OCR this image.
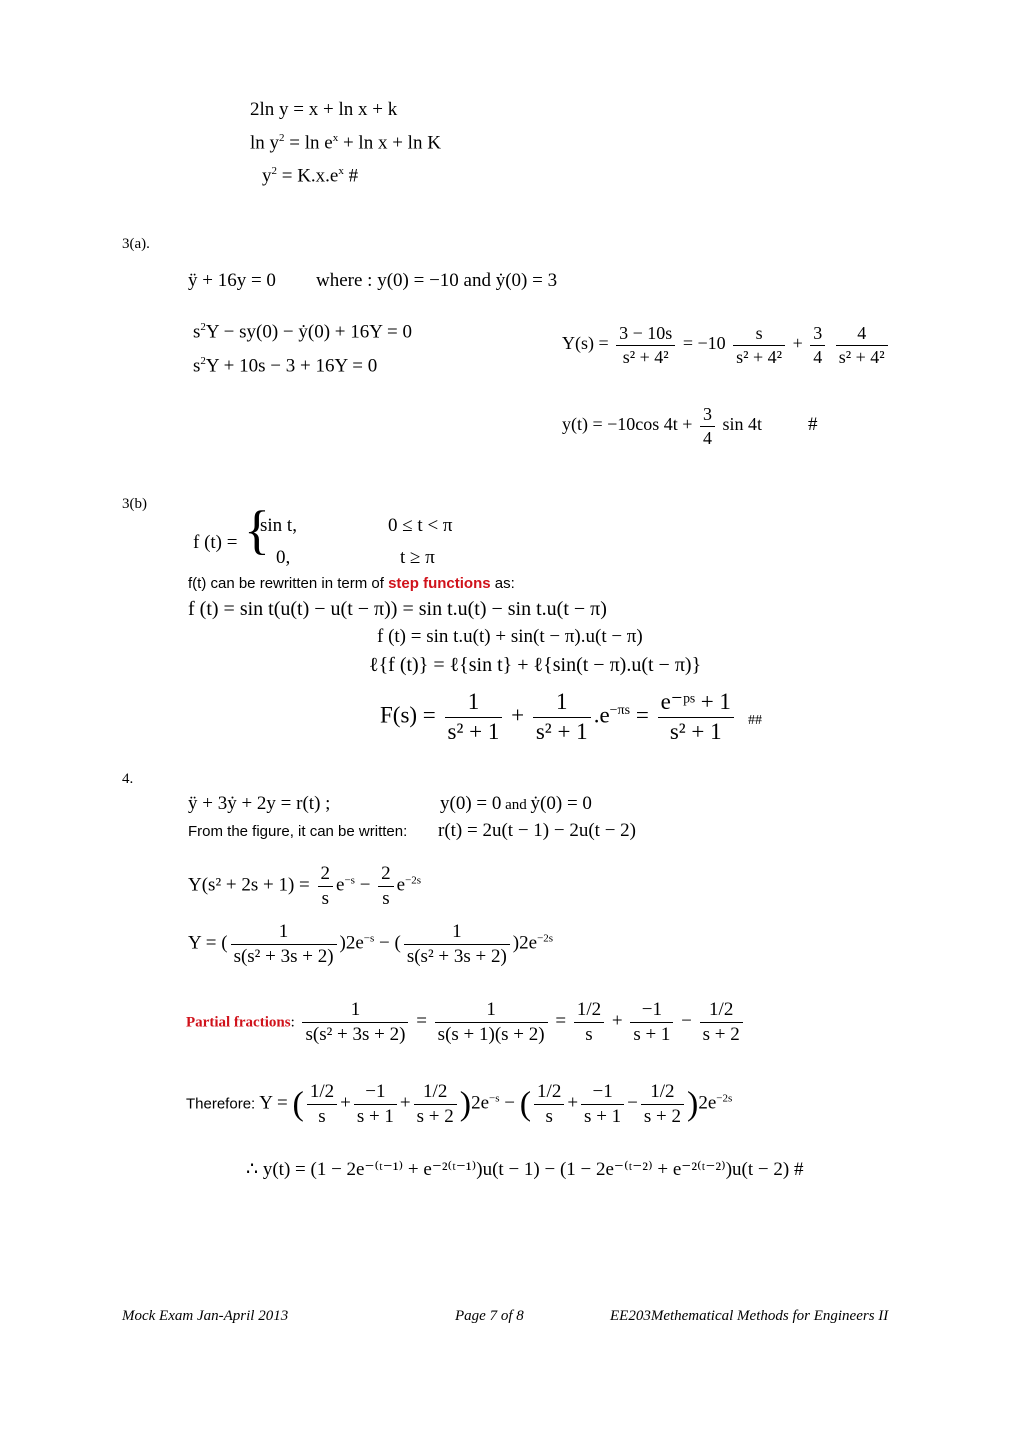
2ln y = x + ln x + k
$\ln y^2 = \ln e^x + \ln x + \ln K$
$y^2 = K.x.e^x$ #
3(a).
ÿ + 16y = 0 where : y(0) = −10 and ẏ(0) = 3
$s^2Y - sy(0)$ − ẏ(0) + 16Y = 0
$s^2Y + 10s - 3 + 16Y = 0$
$Y(s) = \frac{3 - 10s}{\text{s² + 4²}} = -10 \frac{s}{\text{s² + 4²}} + \frac{3}{4}$
$\frac{4}{\text{s² + 4²}}$
y(t) = −10cos $4t + \frac{3}{4}$ sin 4t #
3(b)
f (t) = {
sin t,	0 ≤ t < π
0,	t ≥ π
f(t) can be rewritten in term of step functions as:
f (t) = sin t(u(t) − u(t − π)) = sin t.u(t) − sin t.u(t − π)
f (t) = sin t.u(t) + sin(t − π).u(t − π)
ℓ{f (t)} = ℓ{sin t} + ℓ{sin(t − π).u(t − π)}
$F(s) = \frac{1}{\text{s² + 1}} + \frac{1}{\text{s² + 1}} .e^{-\pi s} = \frac{\text{e⁻ᵖˢ + 1}}{\text{s² + 1}}$ ##
4.
ÿ + 3ẏ + 2y = r(t) ;	y(0) = 0 and ẏ(0) = 0
From the figure, it can be written: r(t) = 2u(t − 1) − 2u(t − 2)
$Y(s^2 + 2s + 1) = \frac{2}{s} e^{-s} - \frac{2}{s} e^{-2s}$
Y = ( $\frac{1}{\text{s(s² + 3s + 2)}} )2e^{-s}$ − ( $\frac{1}{\text{s(s² + 3s + 2)}} )2e^{-2s}$
Partial fractions: $\frac{1}{\text{s(s² + 3s + 2)}} = \frac{1}{s(s + 1)(s + 2)} = \frac{1/2}{s} + \frac{-1}{s + 1} - \frac{1/2}{s + 2}$
Therefore: Y = ( $\frac{1/2}{s} + \frac{-1}{s + 1} + \frac{1/2}{s + 2} )2e^{-s}$ − ( $\frac{1/2}{s} + \frac{-1}{s + 1} - \frac{1/2}{s + 2} )2e^{-2s}$
∴ y(t) = (1 − 2e⁻⁽ᵗ⁻¹⁾ + e⁻²⁽ᵗ⁻¹⁾)u(t − 1) − (1 − 2e⁻⁽ᵗ⁻²⁾ + e⁻²⁽ᵗ⁻²⁾)u(t − 2) #
Mock Exam Jan-April 2013	Page 7 of 8	EE203Methematical Methods for Engineers II
